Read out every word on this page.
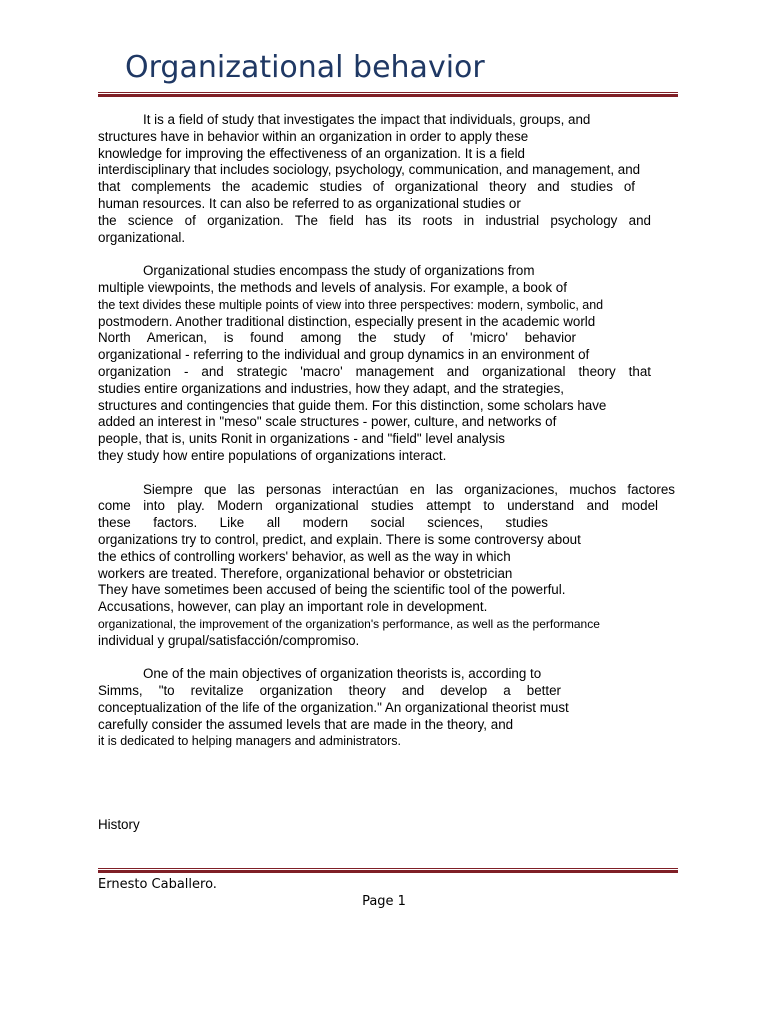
Organizational behavior
It is a field of study that investigates the impact that individuals, groups, and
structures have in behavior within an organization in order to apply these
knowledge for improving the effectiveness of an organization. It is a field
interdisciplinary that includes sociology, psychology, communication, and management, and
that complements the academic studies of organizational theory and studies of
human resources. It can also be referred to as organizational studies or
the science of organization. The field has its roots in industrial psychology and
organizational.
Organizational studies encompass the study of organizations from
multiple viewpoints, the methods and levels of analysis. For example, a book of
the text divides these multiple points of view into three perspectives: modern, symbolic, and
postmodern. Another traditional distinction, especially present in the academic world
North American, is found among the study of 'micro' behavior
organizational - referring to the individual and group dynamics in an environment of
organization - and strategic 'macro' management and organizational theory that
studies entire organizations and industries, how they adapt, and the strategies,
structures and contingencies that guide them. For this distinction, some scholars have
added an interest in "meso" scale structures - power, culture, and networks of
people, that is, units Ronit in organizations - and "field" level analysis
they study how entire populations of organizations interact.
Siempre que las personas interactúan en las organizaciones, muchos factores
come into play. Modern organizational studies attempt to understand and model
these factors. Like all modern social sciences, studies
organizations try to control, predict, and explain. There is some controversy about
the ethics of controlling workers' behavior, as well as the way in which
workers are treated. Therefore, organizational behavior or obstetrician
They have sometimes been accused of being the scientific tool of the powerful.
Accusations, however, can play an important role in development.
organizational, the improvement of the organization's performance, as well as the performance
individual y grupal/satisfacción/compromiso.
One of the main objectives of organization theorists is, according to
Simms, "to revitalize organization theory and develop a better
conceptualization of the life of the organization." An organizational theorist must
carefully consider the assumed levels that are made in the theory, and
it is dedicated to helping managers and administrators.
History
Ernesto Caballero.
Page 1
